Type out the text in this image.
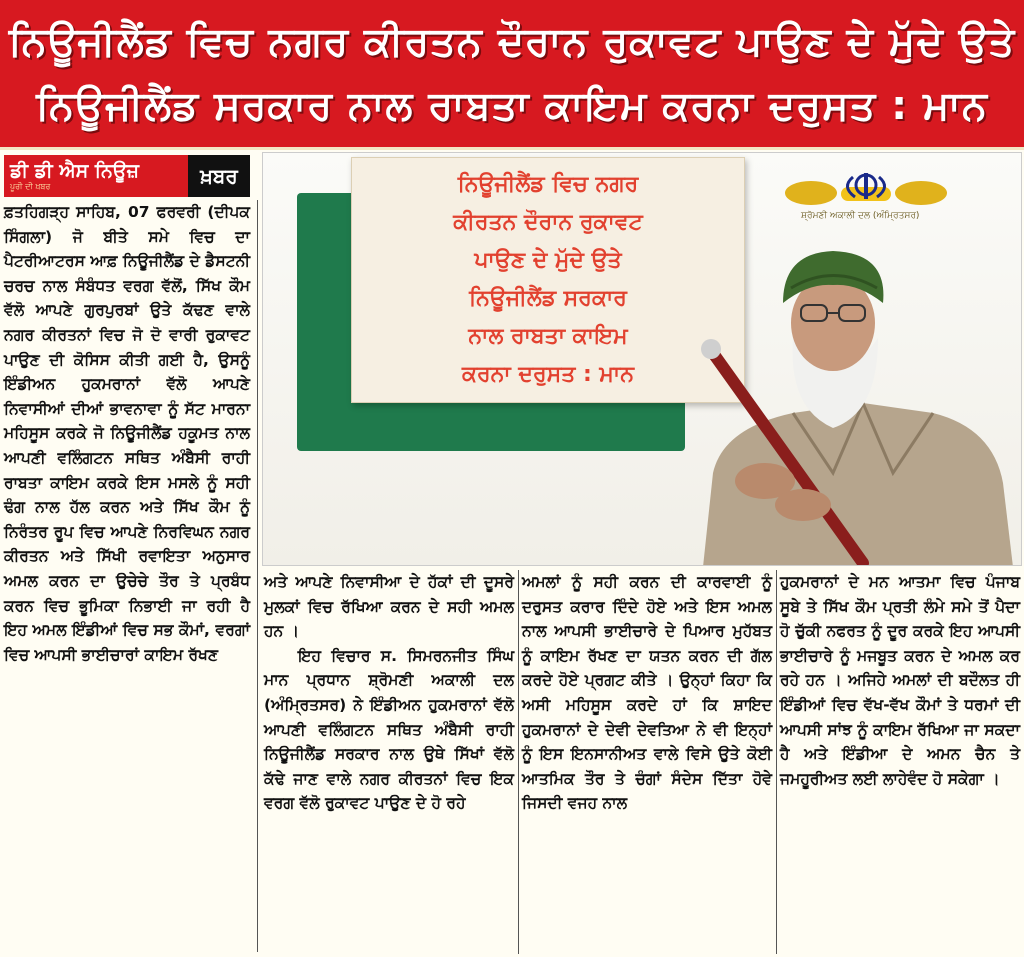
ਨਿਊਜੀਲੈਂਡ ਵਿਚ ਨਗਰ ਕੀਰਤਨ ਦੌਰਾਨ ਰੁਕਾਵਟ ਪਾਉਣ ਦੇ ਮੁੱਦੇ ਉਤੇ
ਨਿਊਜੀਲੈਂਡ ਸਰਕਾਰ ਨਾਲ ਰਾਬਤਾ ਕਾਇਮ ਕਰਨਾ ਦਰੁਸਤ : ਮਾਨ
ਡੀ ਡੀ ਐਸ ਨਿਊਜ਼
ਪੂਰੀ ਦੀ ਖ਼ਬਰ	ਖ਼ਬਰ

ਫ਼ਤਹਿਗੜ੍ਹ ਸਾਹਿਬ, 07 ਫਰਵਰੀ (ਦੀਪਕ ਸਿੰਗਲਾ) ਜੋ ਬੀਤੇ ਸਮੇ ਵਿਚ ਦਾ ਪੈਟਰੀਆਟਰਸ ਆਫ਼ ਨਿਊਜੀਲੈਂਡ ਦੇ ਡੈਸਟਨੀ ਚਰਚ ਨਾਲ ਸੰਬੰਧਤ ਵਰਗ ਵੱਲੋਂ, ਸਿੱਖ ਕੌਮ ਵੱਲੋ ਆਪਣੇ ਗੁਰਪੁਰਬਾਂ ਉਤੇ ਕੱਢਣ ਵਾਲੇ ਨਗਰ ਕੀਰਤਨਾਂ ਵਿਚ ਜੋ ਦੋ ਵਾਰੀ ਰੁਕਾਵਟ ਪਾਉਣ ਦੀ ਕੋਸਿਸ ਕੀਤੀ ਗਈ ਹੈ, ਉਸਨੂੰ ਇੰਡੀਅਨ ਹੁਕਮਰਾਨਾਂ ਵੱਲੋ ਆਪਣੇ ਨਿਵਾਸੀਆਂ ਦੀਆਂ ਭਾਵਨਾਵਾ ਨੂੰ ਸੱਟ ਮਾਰਨਾ ਮਹਿਸੂਸ ਕਰਕੇ ਜੋ ਨਿਊਜੀਲੈਂਡ ਹਕੂਮਤ ਨਾਲ ਆਪਣੀ ਵਲਿੰਗਟਨ ਸਥਿਤ ਅੰਬੈਸੀ ਰਾਹੀ ਰਾਬਤਾ ਕਾਇਮ ਕਰਕੇ ਇਸ ਮਸਲੇ ਨੂੰ ਸਹੀ ਢੰਗ ਨਾਲ ਹੱਲ ਕਰਨ ਅਤੇ ਸਿੱਖ ਕੌਮ ਨੂੰ ਨਿਰੰਤਰ ਰੂਪ ਵਿਚ ਆਪਣੇ ਨਿਰਵਿਘਨ ਨਗਰ ਕੀਰਤਨ ਅਤੇ ਸਿੱਖੀ ਰਵਾਇਤਾ ਅਨੁਸਾਰ ਅਮਲ ਕਰਨ ਦਾ ਉਚੇਚੇ ਤੌਰ ਤੇ ਪ੍ਰਬੰਧ ਕਰਨ ਵਿਚ ਭੂਮਿਕਾ ਨਿਭਾਈ ਜਾ ਰਹੀ ਹੈ ਇਹ ਅਮਲ ਇੰਡੀਆਂ ਵਿਚ ਸਭ ਕੌਮਾਂ, ਵਰਗਾਂ ਵਿਚ ਆਪਸੀ ਭਾਈਚਾਰਾਂ ਕਾਇਮ ਰੱਖਣ

ਨਿਊਜੀਲੈਂਡ ਵਿਚ ਨਗਰ
ਕੀਰਤਨ ਦੌਰਾਨ ਰੁਕਾਵਟ
ਪਾਉਣ ਦੇ ਮੁੱਦੇ ਉਤੇ
ਨਿਊਜੀਲੈਂਡ ਸਰਕਾਰ
ਨਾਲ ਰਾਬਤਾ ਕਾਇਮ
ਕਰਨਾ ਦਰੁਸਤ : ਮਾਨ
ਸ਼੍ਰੋਮਣੀ ਅਕਾਲੀ ਦਲ (ਅੰਮ੍ਰਿਤਸਰ)

ਅਤੇ ਆਪਣੇ ਨਿਵਾਸੀਆ ਦੇ ਹੱਕਾਂ ਦੀ ਦੂਸਰੇ ਮੁਲਕਾਂ ਵਿਚ ਰੱਖਿਆ ਕਰਨ ਦੇ ਸਹੀ ਅਮਲ ਹਨ ।

ਇਹ ਵਿਚਾਰ ਸ. ਸਿਮਰਨਜੀਤ ਸਿੰਘ ਮਾਨ ਪ੍ਰਧਾਨ ਸ਼੍ਰੋਮਣੀ ਅਕਾਲੀ ਦਲ (ਅੰਮ੍ਰਿਤਸਰ) ਨੇ ਇੰਡੀਅਨ ਹੁਕਮਰਾਨਾਂ ਵੱਲੋ ਆਪਣੀ ਵਲਿੰਗਟਨ ਸਥਿਤ ਅੰਬੈਸੀ ਰਾਹੀ ਨਿਊਜੀਲੈਂਡ ਸਰਕਾਰ ਨਾਲ ਉਥੇ ਸਿੱਖਾਂ ਵੱਲੋ ਕੱਢੇ ਜਾਣ ਵਾਲੇ ਨਗਰ ਕੀਰਤਨਾਂ ਵਿਚ ਇਕ ਵਰਗ ਵੱਲੋ ਰੁਕਾਵਟ ਪਾਉਣ ਦੇ ਹੋ ਰਹੇ

ਅਮਲਾਂ ਨੂੰ ਸਹੀ ਕਰਨ ਦੀ ਕਾਰਵਾਈ ਨੂੰ ਦਰੁਸਤ ਕਰਾਰ ਦਿੰਦੇ ਹੋਏ ਅਤੇ ਇਸ ਅਮਲ ਨਾਲ ਆਪਸੀ ਭਾਈਚਾਰੇ ਦੇ ਪਿਆਰ ਮੁਹੱਬਤ ਨੂੰ ਕਾਇਮ ਰੱਖਣ ਦਾ ਯਤਨ ਕਰਨ ਦੀ ਗੱਲ ਕਰਦੇ ਹੋਏ ਪ੍ਰਗਟ ਕੀਤੇ । ਉਨ੍ਹਾਂ ਕਿਹਾ ਕਿ ਅਸੀ ਮਹਿਸੂਸ ਕਰਦੇ ਹਾਂ ਕਿ ਸ਼ਾਇਦ ਹੁਕਮਰਾਨਾਂ ਦੇ ਦੇਵੀ ਦੇਵਤਿਆ ਨੇ ਵੀ ਇਨ੍ਹਾਂ ਨੂੰ ਇਸ ਇਨਸਾਨੀਅਤ ਵਾਲੇ ਵਿਸੇ ਉਤੇ ਕੋਈ ਆਤਮਿਕ ਤੌਰ ਤੇ ਚੰਗਾਂ ਸੰਦੇਸ ਦਿੱਤਾ ਹੋਵੇ ਜਿਸਦੀ ਵਜਹ ਨਾਲ

ਹੁਕਮਰਾਨਾਂ ਦੇ ਮਨ ਆਤਮਾ ਵਿਚ ਪੰਜਾਬ ਸੂਬੇ ਤੇ ਸਿੱਖ ਕੌਮ ਪ੍ਰਤੀ ਲੰਮੇ ਸਮੇ ਤੋਂ ਪੈਦਾ ਹੋ ਚੁੱਕੀ ਨਫਰਤ ਨੂੰ ਦੂਰ ਕਰਕੇ ਇਹ ਆਪਸੀ ਭਾਈਚਾਰੇ ਨੂੰ ਮਜਬੂਤ ਕਰਨ ਦੇ ਅਮਲ ਕਰ ਰਹੇ ਹਨ । ਅਜਿਹੇ ਅਮਲਾਂ ਦੀ ਬਦੌਲਤ ਹੀ ਇੰਡੀਆਂ ਵਿਚ ਵੱਖ-ਵੱਖ ਕੌਮਾਂ ਤੇ ਧਰਮਾਂ ਦੀ ਆਪਸੀ ਸਾਂਝ ਨੂੰ ਕਾਇਮ ਰੱਖਿਆ ਜਾ ਸਕਦਾ ਹੈ ਅਤੇ ਇੰਡੀਆ ਦੇ ਅਮਨ ਚੈਨ ਤੇ ਜਮਹੂਰੀਅਤ ਲਈ ਲਾਹੇਵੰਦ ਹੋ ਸਕੇਗਾ ।
